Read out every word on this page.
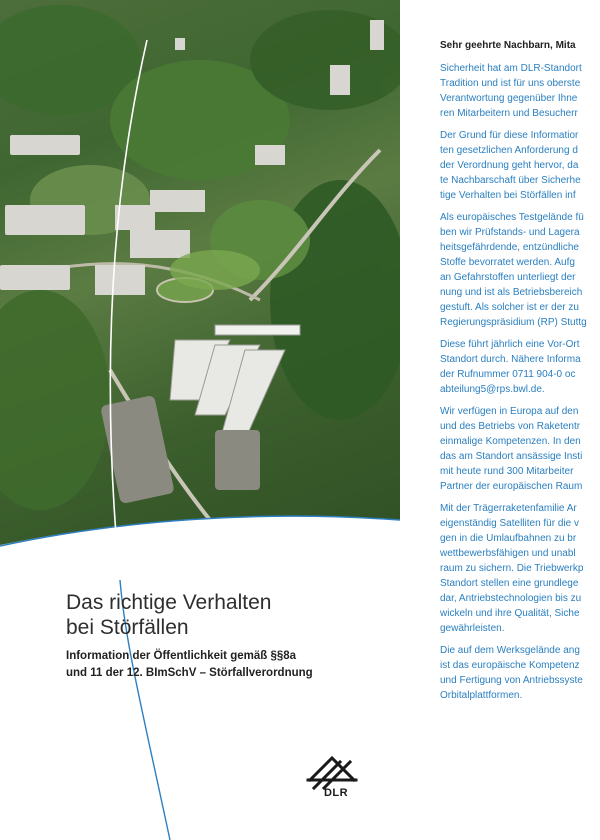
Das richtige Verhalten
bei Störfällen

Information der Öffentlichkeit gemäß §§8a
und 11 der 12. BImSchV – Störfallverordnung

DLR

Sehr geehrte Nachbarn, Mita

Sicherheit hat am DLR-Standort
Tradition und ist für uns oberste
Verantwortung gegenüber Ihne
ren Mitarbeitern und Besucherr

Der Grund für diese Informatior
ten gesetzlichen Anforderung d
der Verordnung geht hervor, da
te Nachbarschaft über Sicherhe
tige Verhalten bei Störfällen inf

Als europäisches Testgelände fü
ben wir Prüfstands- und Lagera
heitsgefährdende, entzündliche
Stoffe bevorratet werden. Aufg
an Gefahrstoffen unterliegt der
nung und ist als Betriebsbereich
gestuft. Als solcher ist er der zu
Regierungspräsidium (RP) Stuttg

Diese führt jährlich eine Vor-Ort
Standort durch. Nähere Informa
der Rufnummer 0711 904-0 oc
abteilung5@rps.bwl.de.

Wir verfügen in Europa auf den
und des Betriebs von Raketentr
einmalige Kompetenzen. In den
das am Standort ansässige Insti
mit heute rund 300 Mitarbeiter
Partner der europäischen Raum

Mit der Trägerraketenfamilie Ar
eigenständig Satelliten für die v
gen in die Umlaufbahnen zu br
wettbewerbsfähigen und unabl
raum zu sichern. Die Triebwerkp
Standort stellen eine grundlege
dar, Antriebstechnologien bis zu
wickeln und ihre Qualität, Siche
gewährleisten.

Die auf dem Werksgelände ang
ist das europäische Kompetenz
und Fertigung von Antriebssyste
Orbitalplattformen.
